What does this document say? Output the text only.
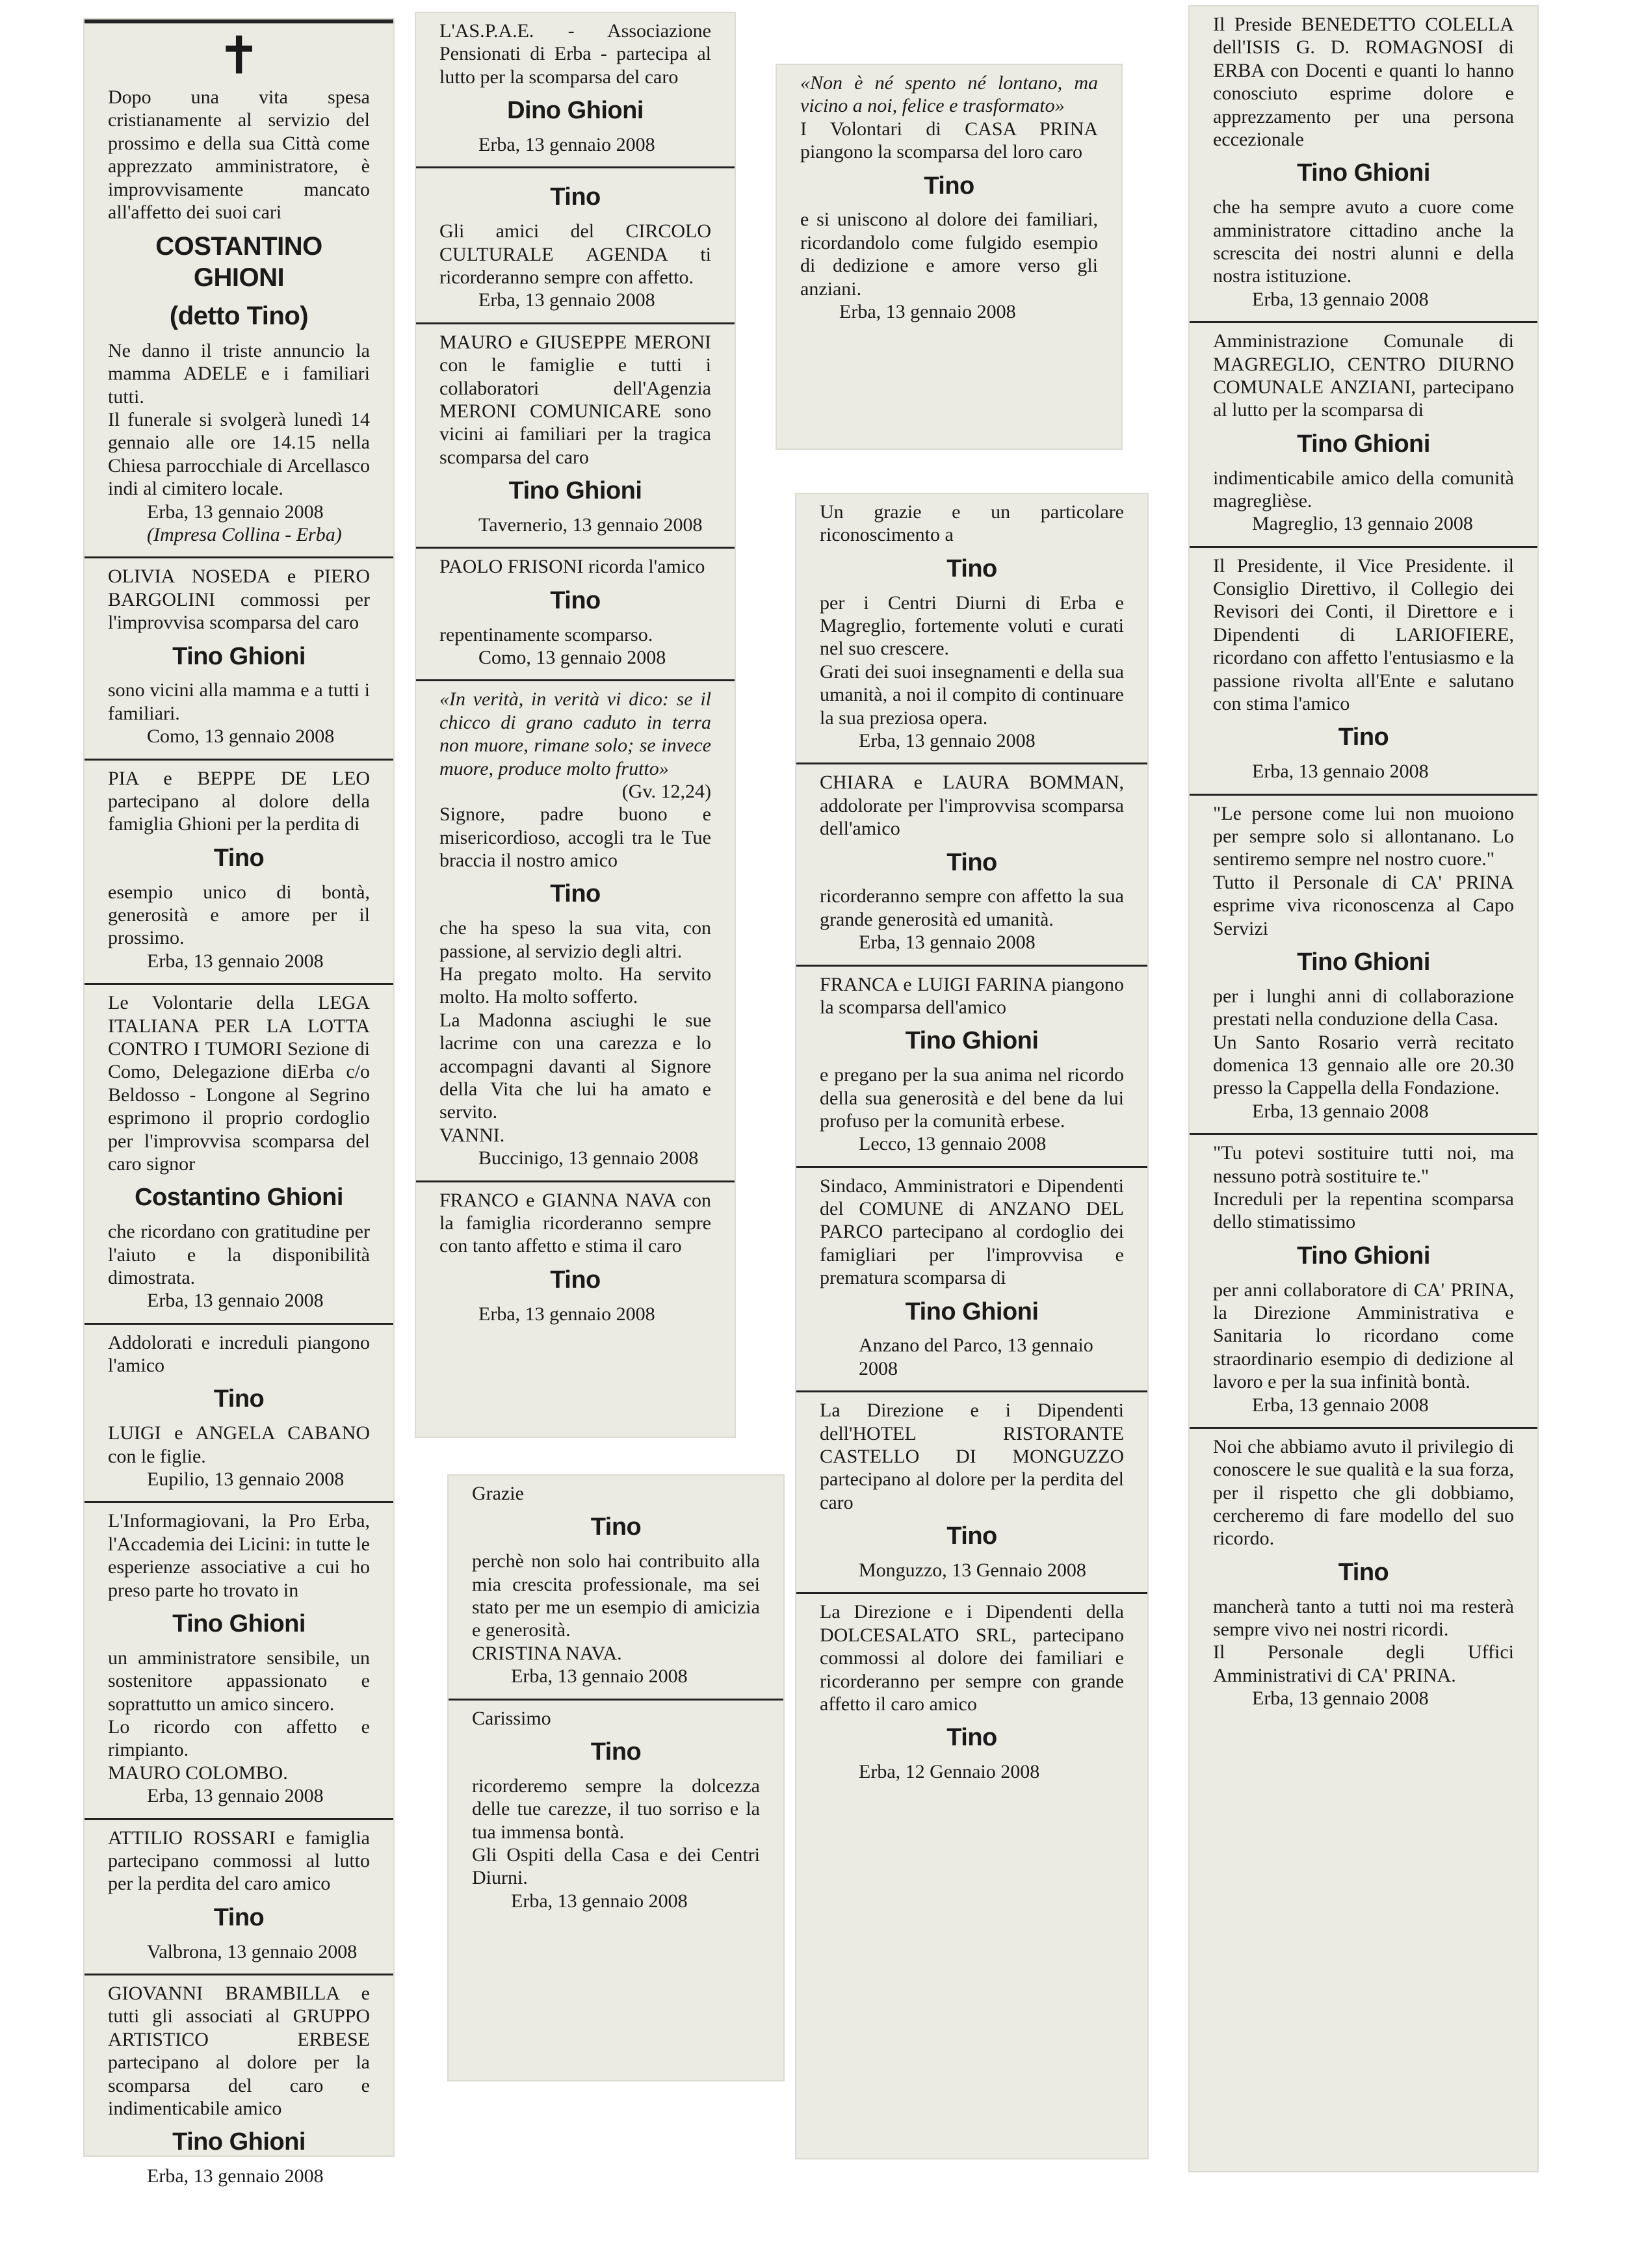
✝

Dopo una vita spesa cristianamente al servizio del prossimo e della sua Città come apprezzato amministratore, è improvvisamente mancato all'affetto dei suoi cari

COSTANTINO GHIONI

(detto Tino)

Ne danno il triste annuncio la mamma ADELE e i familiari tutti.

Il funerale si svolgerà lunedì 14 gennaio alle ore 14.15 nella Chiesa parrocchiale di Arcellasco indi al cimitero locale.

Erba, 13 gennaio 2008

(Impresa Collina - Erba)

OLIVIA NOSEDA e PIERO BARGOLINI commossi per l'improvvisa scomparsa del caro

Tino Ghioni

sono vicini alla mamma e a tutti i familiari.

Como, 13 gennaio 2008

PIA e BEPPE DE LEO partecipano al dolore della famiglia Ghioni per la perdita di

Tino

esempio unico di bontà, generosità e amore per il prossimo.

Erba, 13 gennaio 2008

Le Volontarie della LEGA ITALIANA PER LA LOTTA CONTRO I TUMORI Sezione di Como, Delegazione diErba c/o Beldosso - Longone al Segrino esprimono il proprio cordoglio per l'improvvisa scomparsa del caro signor

Costantino Ghioni

che ricordano con gratitudine per l'aiuto e la disponibilità dimostrata.

Erba, 13 gennaio 2008

Addolorati e increduli piangono l'amico

Tino

LUIGI e ANGELA CABANO con le figlie.

Eupilio, 13 gennaio 2008

L'Informagiovani, la Pro Erba, l'Accademia dei Licini: in tutte le esperienze associative a cui ho preso parte ho trovato in

Tino Ghioni

un amministratore sensibile, un sostenitore appassionato e soprattutto un amico sincero.

Lo ricordo con affetto e rimpianto.

MAURO COLOMBO.

Erba, 13 gennaio 2008

ATTILIO ROSSARI e famiglia partecipano commossi al lutto per la perdita del caro amico

Tino

Valbrona, 13 gennaio 2008

GIOVANNI BRAMBILLA e tutti gli associati al GRUPPO ARTISTICO ERBESE partecipano al dolore per la scomparsa del caro e indimenticabile amico

Tino Ghioni

Erba, 13 gennaio 2008

L'AS.P.A.E. - Associazione Pensionati di Erba - partecipa al lutto per la scomparsa del caro

Dino Ghioni

Erba, 13 gennaio 2008

Tino

Gli amici del CIRCOLO CULTURALE AGENDA ti ricorderanno sempre con affetto.

Erba, 13 gennaio 2008

MAURO e GIUSEPPE MERONI con le famiglie e tutti i collaboratori dell'Agenzia MERONI COMUNICARE sono vicini ai familiari per la tragica scomparsa del caro

Tino Ghioni

Tavernerio, 13 gennaio 2008

PAOLO FRISONI ricorda l'amico

Tino

repentinamente scomparso.

Como, 13 gennaio 2008

«In verità, in verità vi dico: se il chicco di grano caduto in terra non muore, rimane solo; se invece muore, produce molto frutto»

(Gv. 12,24)

Signore, padre buono e misericordioso, accogli tra le Tue braccia il nostro amico

Tino

che ha speso la sua vita, con passione, al servizio degli altri.

Ha pregato molto. Ha servito molto. Ha molto sofferto.

La Madonna asciughi le sue lacrime con una carezza e lo accompagni davanti al Signore della Vita che lui ha amato e servito.

VANNI.

Buccinigo, 13 gennaio 2008

FRANCO e GIANNA NAVA con la famiglia ricorderanno sempre con tanto affetto e stima il caro

Tino

Erba, 13 gennaio 2008

Grazie

Tino

perchè non solo hai contribuito alla mia crescita professionale, ma sei stato per me un esempio di amicizia e generosità.

CRISTINA NAVA.

Erba, 13 gennaio 2008

Carissimo

Tino

ricorderemo sempre la dolcezza delle tue carezze, il tuo sorriso e la tua immensa bontà.

Gli Ospiti della Casa e dei Centri Diurni.

Erba, 13 gennaio 2008

«Non è né spento né lontano, ma vicino a noi, felice e trasformato»

I Volontari di CASA PRINA piangono la scomparsa del loro caro

Tino

e si uniscono al dolore dei familiari, ricordandolo come fulgido esempio di dedizione e amore verso gli anziani.

Erba, 13 gennaio 2008

Un grazie e un particolare riconoscimento a

Tino

per i Centri Diurni di Erba e Magreglio, fortemente voluti e curati nel suo crescere.

Grati dei suoi insegnamenti e della sua umanità, a noi il compito di continuare la sua preziosa opera.

Erba, 13 gennaio 2008

CHIARA e LAURA BOMMAN, addolorate per l'improvvisa scomparsa dell'amico

Tino

ricorderanno sempre con affetto la sua grande generosità ed umanità.

Erba, 13 gennaio 2008

FRANCA e LUIGI FARINA piangono la scomparsa dell'amico

Tino Ghioni

e pregano per la sua anima nel ricordo della sua generosità e del bene da lui profuso per la comunità erbese.

Lecco, 13 gennaio 2008

Sindaco, Amministratori e Dipendenti del COMUNE di ANZANO DEL PARCO partecipano al cordoglio dei famigliari per l'improvvisa e prematura scomparsa di

Tino Ghioni

Anzano del Parco, 13 gennaio 2008

La Direzione e i Dipendenti dell'HOTEL RISTORANTE CASTELLO DI MONGUZZO partecipano al dolore per la perdita del caro

Tino

Monguzzo, 13 Gennaio 2008

La Direzione e i Dipendenti della DOLCESALATO SRL, partecipano commossi al dolore dei familiari e ricorderanno per sempre con grande affetto il caro amico

Tino

Erba, 12 Gennaio 2008

Il Preside BENEDETTO COLELLA dell'ISIS G. D. ROMAGNOSI di ERBA con Docenti e quanti lo hanno conosciuto esprime dolore e apprezzamento per una persona eccezionale

Tino Ghioni

che ha sempre avuto a cuore come amministratore cittadino anche la screscita dei nostri alunni e della nostra istituzione.

Erba, 13 gennaio 2008

Amministrazione Comunale di MAGREGLIO, CENTRO DIURNO COMUNALE ANZIANI, partecipano al lutto per la scomparsa di

Tino Ghioni

indimenticabile amico della comunità magreglièse.

Magreglio, 13 gennaio 2008

Il Presidente, il Vice Presidente. il Consiglio Direttivo, il Collegio dei Revisori dei Conti, il Direttore e i Dipendenti di LARIOFIERE, ricordano con affetto l'entusiasmo e la passione rivolta all'Ente e salutano con stima l'amico

Tino

Erba, 13 gennaio 2008

"Le persone come lui non muoiono per sempre solo si allontanano. Lo sentiremo sempre nel nostro cuore."

Tutto il Personale di CA' PRINA esprime viva riconoscenza al Capo Servizi

Tino Ghioni

per i lunghi anni di collaborazione prestati nella conduzione della Casa.

Un Santo Rosario verrà recitato domenica 13 gennaio alle ore 20.30 presso la Cappella della Fondazione.

Erba, 13 gennaio 2008

"Tu potevi sostituire tutti noi, ma nessuno potrà sostituire te."

Increduli per la repentina scomparsa dello stimatissimo

Tino Ghioni

per anni collaboratore di CA' PRINA, la Direzione Amministrativa e Sanitaria lo ricordano come straordinario esempio di dedizione al lavoro e per la sua infinità bontà.

Erba, 13 gennaio 2008

Noi che abbiamo avuto il privilegio di conoscere le sue qualità e la sua forza, per il rispetto che gli dobbiamo, cercheremo di fare modello del suo ricordo.

Tino

mancherà tanto a tutti noi ma resterà sempre vivo nei nostri ricordi.

Il Personale degli Uffici Amministrativi di CA' PRINA.

Erba, 13 gennaio 2008
